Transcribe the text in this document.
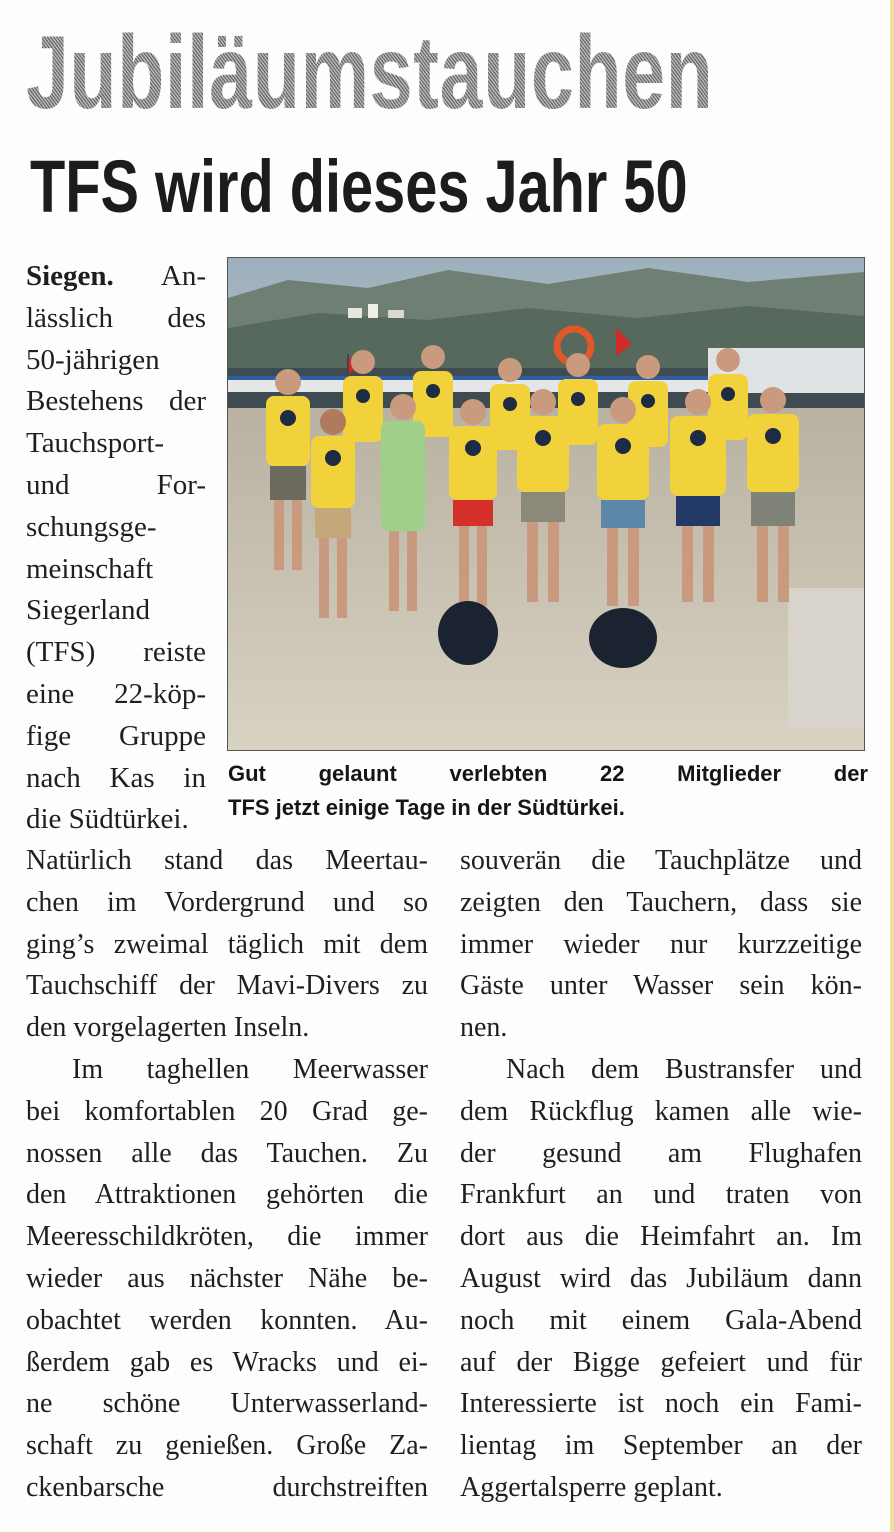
Jubiläumstauchen
TFS wird dieses Jahr 50
Siegen. An-
lässlich des
50-jährigen
Bestehens der
Tauchsport-
und For-
schungsge-
meinschaft
Siegerland
(TFS) reiste
eine 22-köp-
fige Gruppe
nach Kas in
die Südtürkei.
Gut gelaunt verlebten 22 Mitglieder der
TFS jetzt einige Tage in der Südtürkei.
Natürlich stand das Meertau-
chen im Vordergrund und so
ging’s zweimal täglich mit dem
Tauchschiff der Mavi-Divers zu
den vorgelagerten Inseln.
Im taghellen Meerwasser
bei komfortablen 20 Grad ge-
nossen alle das Tauchen. Zu
den Attraktionen gehörten die
Meeresschildkröten, die immer
wieder aus nächster Nähe be-
obachtet werden konnten. Au-
ßerdem gab es Wracks und ei-
ne schöne Unterwasserland-
schaft zu genießen. Große Za-
ckenbarsche durchstreiften
souverän die Tauchplätze und
zeigten den Tauchern, dass sie
immer wieder nur kurzzeitige
Gäste unter Wasser sein kön-
nen.
Nach dem Bustransfer und
dem Rückflug kamen alle wie-
der gesund am Flughafen
Frankfurt an und traten von
dort aus die Heimfahrt an. Im
August wird das Jubiläum dann
noch mit einem Gala-Abend
auf der Bigge gefeiert und für
Interessierte ist noch ein Fami-
lientag im September an der
Aggertalsperre geplant.
